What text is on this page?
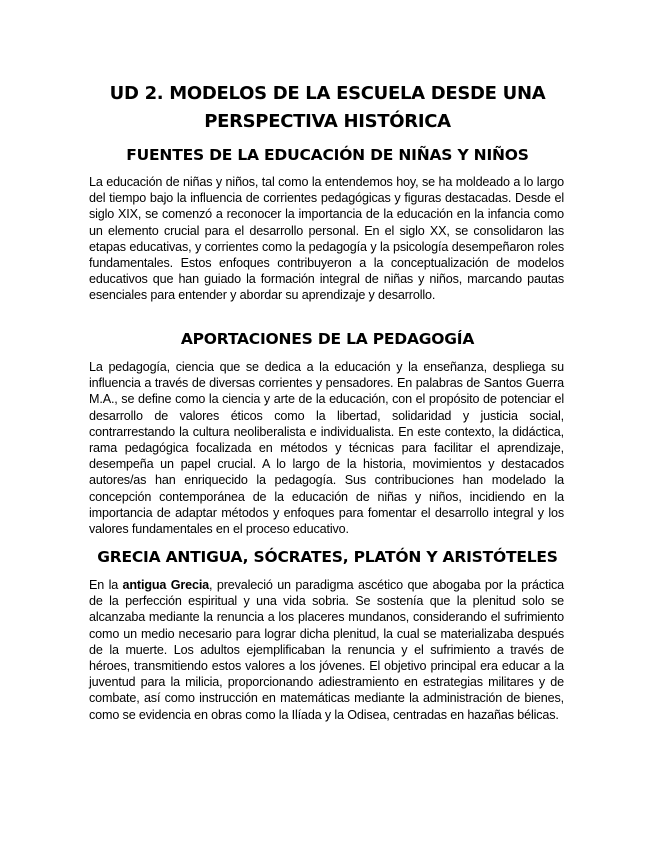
UD 2. MODELOS DE LA ESCUELA DESDE UNA PERSPECTIVA HISTÓRICA
FUENTES DE LA EDUCACIÓN DE NIÑAS Y NIÑOS

La educación de niñas y niños, tal como la entendemos hoy, se ha moldeado a lo largo del tiempo bajo la influencia de corrientes pedagógicas y figuras destacadas. Desde el siglo XIX, se comenzó a reconocer la importancia de la educación en la infancia como un elemento crucial para el desarrollo personal. En el siglo XX, se consolidaron las etapas educativas, y corrientes como la pedagogía y la psicología desempeñaron roles fundamentales. Estos enfoques contribuyeron a la conceptualización de modelos educativos que han guiado la formación integral de niñas y niños, marcando pautas esenciales para entender y abordar su aprendizaje y desarrollo.

APORTACIONES DE LA PEDAGOGÍA

La pedagogía, ciencia que se dedica a la educación y la enseñanza, despliega su influencia a través de diversas corrientes y pensadores. En palabras de Santos Guerra M.A., se define como la ciencia y arte de la educación, con el propósito de potenciar el desarrollo de valores éticos como la libertad, solidaridad y justicia social, contrarrestando la cultura neoliberalista e individualista. En este contexto, la didáctica, rama pedagógica focalizada en métodos y técnicas para facilitar el aprendizaje, desempeña un papel crucial. A lo largo de la historia, movimientos y destacados autores/as han enriquecido la pedagogía. Sus contribuciones han modelado la concepción contemporánea de la educación de niñas y niños, incidiendo en la importancia de adaptar métodos y enfoques para fomentar el desarrollo integral y los valores fundamentales en el proceso educativo.

GRECIA ANTIGUA, SÓCRATES, PLATÓN Y ARISTÓTELES

En la antigua Grecia, prevaleció un paradigma ascético que abogaba por la práctica de la perfección espiritual y una vida sobria. Se sostenía que la plenitud solo se alcanzaba mediante la renuncia a los placeres mundanos, considerando el sufrimiento como un medio necesario para lograr dicha plenitud, la cual se materializaba después de la muerte. Los adultos ejemplificaban la renuncia y el sufrimiento a través de héroes, transmitiendo estos valores a los jóvenes. El objetivo principal era educar a la juventud para la milicia, proporcionando adiestramiento en estrategias militares y de combate, así como instrucción en matemáticas mediante la administración de bienes, como se evidencia en obras como la Ilíada y la Odisea, centradas en hazañas bélicas.
